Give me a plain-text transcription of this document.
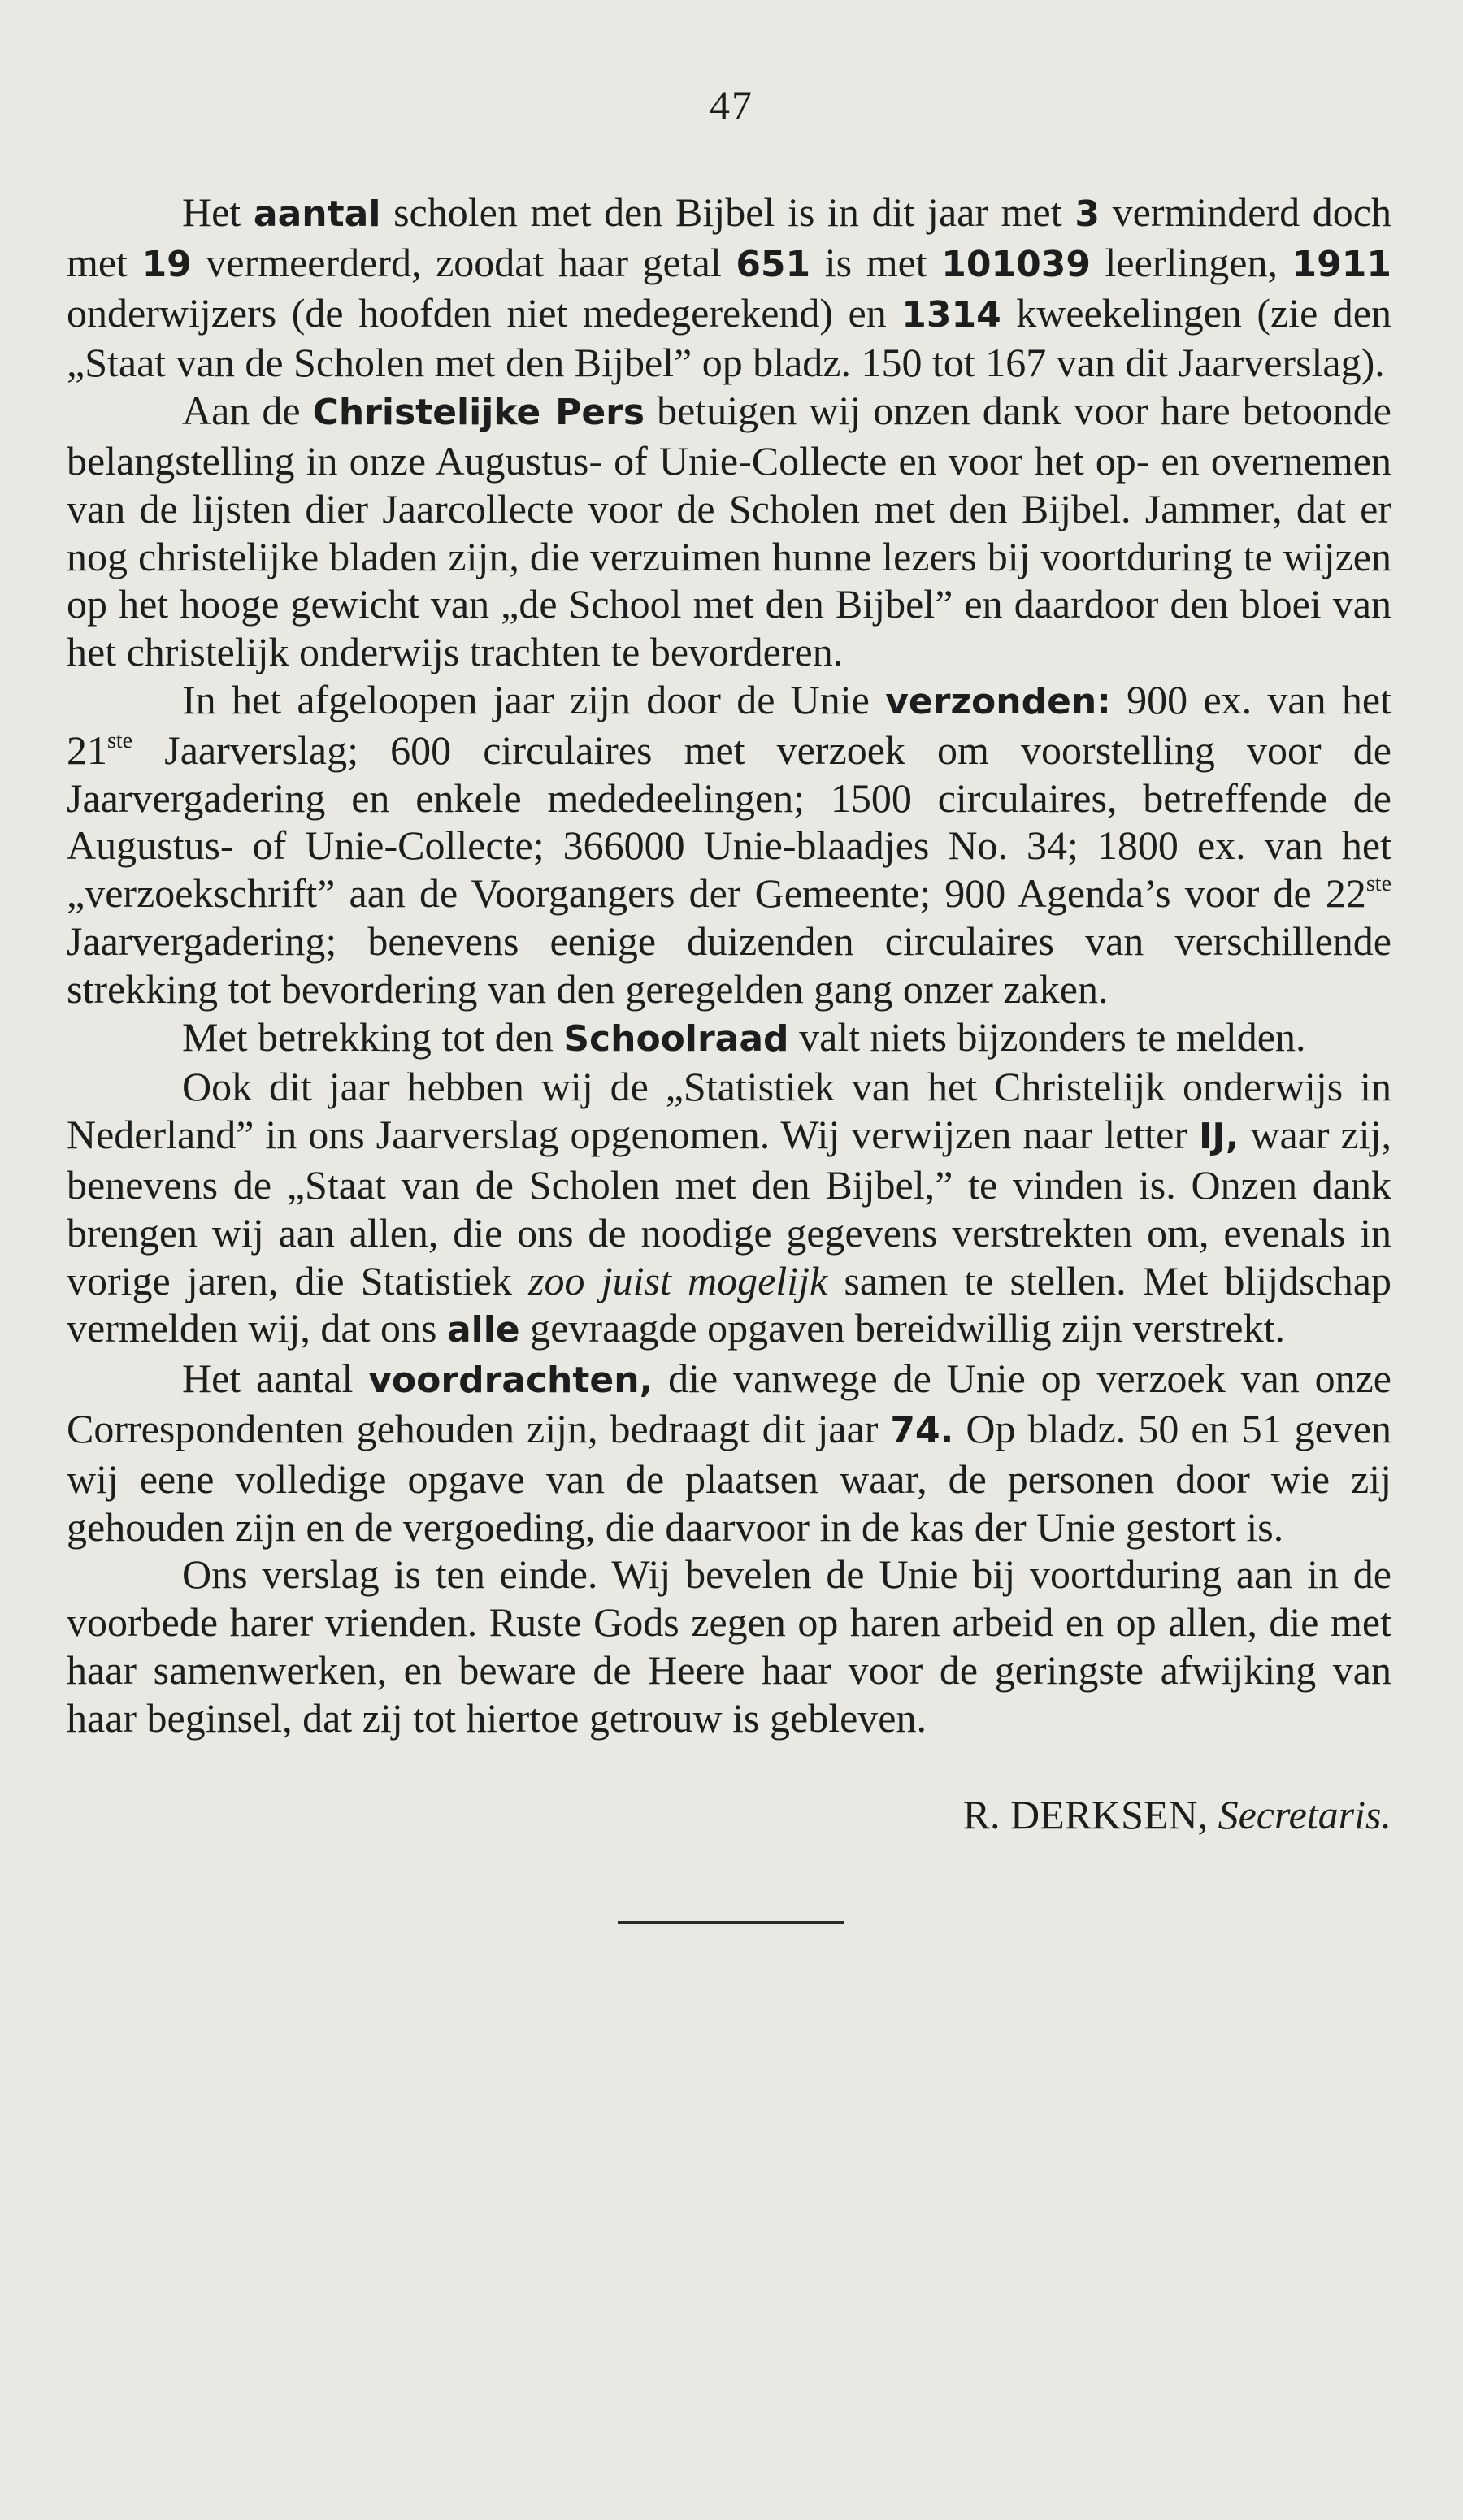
47

Het aantal scholen met den Bijbel is in dit jaar met 3 verminderd doch met 19 vermeerderd, zoodat haar getal 651 is met 101039 leerlingen, 1911 onderwijzers (de hoofden niet medegerekend) en 1314 kweekelingen (zie den „Staat van de Scholen met den Bijbel” op bladz. 150 tot 167 van dit Jaarverslag).

Aan de Christelijke Pers betuigen wij onzen dank voor hare betoonde belangstelling in onze Augustus- of Unie-Collecte en voor het op- en overnemen van de lijsten dier Jaarcollecte voor de Scholen met den Bijbel. Jammer, dat er nog christelijke bladen zijn, die verzuimen hunne lezers bij voortduring te wijzen op het hooge gewicht van „de School met den Bijbel” en daardoor den bloei van het christelijk onderwijs trachten te bevorderen.

In het afgeloopen jaar zijn door de Unie verzonden: 900 ex. van het 21ste Jaarverslag; 600 circulaires met verzoek om voorstelling voor de Jaarvergadering en enkele mededeelingen; 1500 circulaires, betreffende de Augustus- of Unie-Collecte; 366000 Unie-blaadjes No. 34; 1800 ex. van het „verzoekschrift” aan de Voorgangers der Gemeente; 900 Agenda’s voor de 22ste Jaarvergadering; benevens eenige duizenden circulaires van verschillende strekking tot bevordering van den geregelden gang onzer zaken.

Met betrekking tot den Schoolraad valt niets bijzonders te melden.

Ook dit jaar hebben wij de „Statistiek van het Christelijk onderwijs in Nederland” in ons Jaarverslag opgenomen. Wij verwijzen naar letter IJ, waar zij, benevens de „Staat van de Scholen met den Bijbel,” te vinden is. Onzen dank brengen wij aan allen, die ons de noodige gegevens verstrekten om, evenals in vorige jaren, die Statistiek zoo juist mogelijk samen te stellen. Met blijdschap vermelden wij, dat ons alle gevraagde opgaven bereidwillig zijn verstrekt.

Het aantal voordrachten, die vanwege de Unie op verzoek van onze Correspondenten gehouden zijn, bedraagt dit jaar 74. Op bladz. 50 en 51 geven wij eene volledige opgave van de plaatsen waar, de personen door wie zij gehouden zijn en de vergoeding, die daarvoor in de kas der Unie gestort is.

Ons verslag is ten einde. Wij bevelen de Unie bij voortduring aan in de voorbede harer vrienden. Ruste Gods zegen op haren arbeid en op allen, die met haar samenwerken, en beware de Heere haar voor de geringste afwijking van haar beginsel, dat zij tot hiertoe getrouw is gebleven.

R. DERKSEN, Secretaris.
